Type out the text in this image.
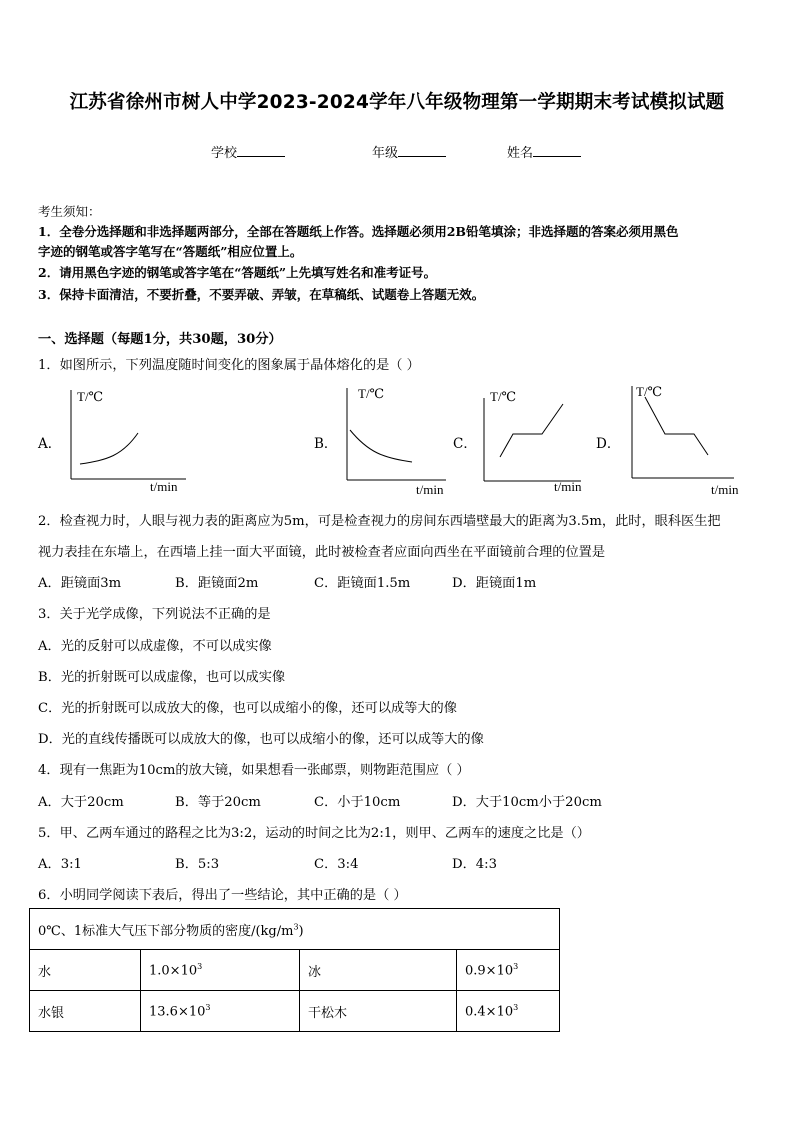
江苏省徐州市树人中学2023-2024学年八年级物理第一学期期末考试模拟试题
学校	年级	姓名
考生须知：
1．全卷分选择题和非选择题两部分，全部在答题纸上作答。选择题必须用2B铅笔填涂；非选择题的答案必须用黑色
字迹的钢笔或答字笔写在“答题纸”相应位置上。
2．请用黑色字迹的钢笔或答字笔在“答题纸”上先填写姓名和准考证号。
3．保持卡面清洁，不要折叠，不要弄破、弄皱，在草稿纸、试题卷上答题无效。
一、选择题（每题1分，共30题，30分）
1．如图所示，下列温度随时间变化的图象属于晶体熔化的是（ ）
A．	B．	C．	D．
T/℃
t/min
T/℃
t/min
T/℃
t/min
T/℃
t/min
2．检查视力时，人眼与视力表的距离应为5m，可是检查视力的房间东西墙壁最大的距离为3.5m，此时，眼科医生把
视力表挂在东墙上，在西墙上挂一面大平面镜，此时被检查者应面向西坐在平面镜前合理的位置是
A．距镜面3m	B．距镜面2m	C．距镜面1.5m	D．距镜面1m
3．关于光学成像，下列说法不正确的是
A．光的反射可以成虚像，不可以成实像
B．光的折射既可以成虚像，也可以成实像
C．光的折射既可以成放大的像，也可以成缩小的像，还可以成等大的像
D．光的直线传播既可以成放大的像，也可以成缩小的像，还可以成等大的像
4．现有一焦距为10cm的放大镜，如果想看一张邮票，则物距范围应（ ）
A．大于20cm	B．等于20cm	C．小于10cm	D．大于10cm小于20cm
5．甲、乙两车通过的路程之比为3:2，运动的时间之比为2:1，则甲、乙两车的速度之比是（）
A．3:1	B．5:3	C．3:4	D．4:3
6．小明同学阅读下表后，得出了一些结论，其中正确的是（ ）
0℃、1标准大气压下部分物质的密度$/(kg/m^3)$			
水	$1.0\times 10^3$	冰	$0.9\times 10^3$
水银	$13.6\times 10^3$	干松木	$0.4\times 10^3$
